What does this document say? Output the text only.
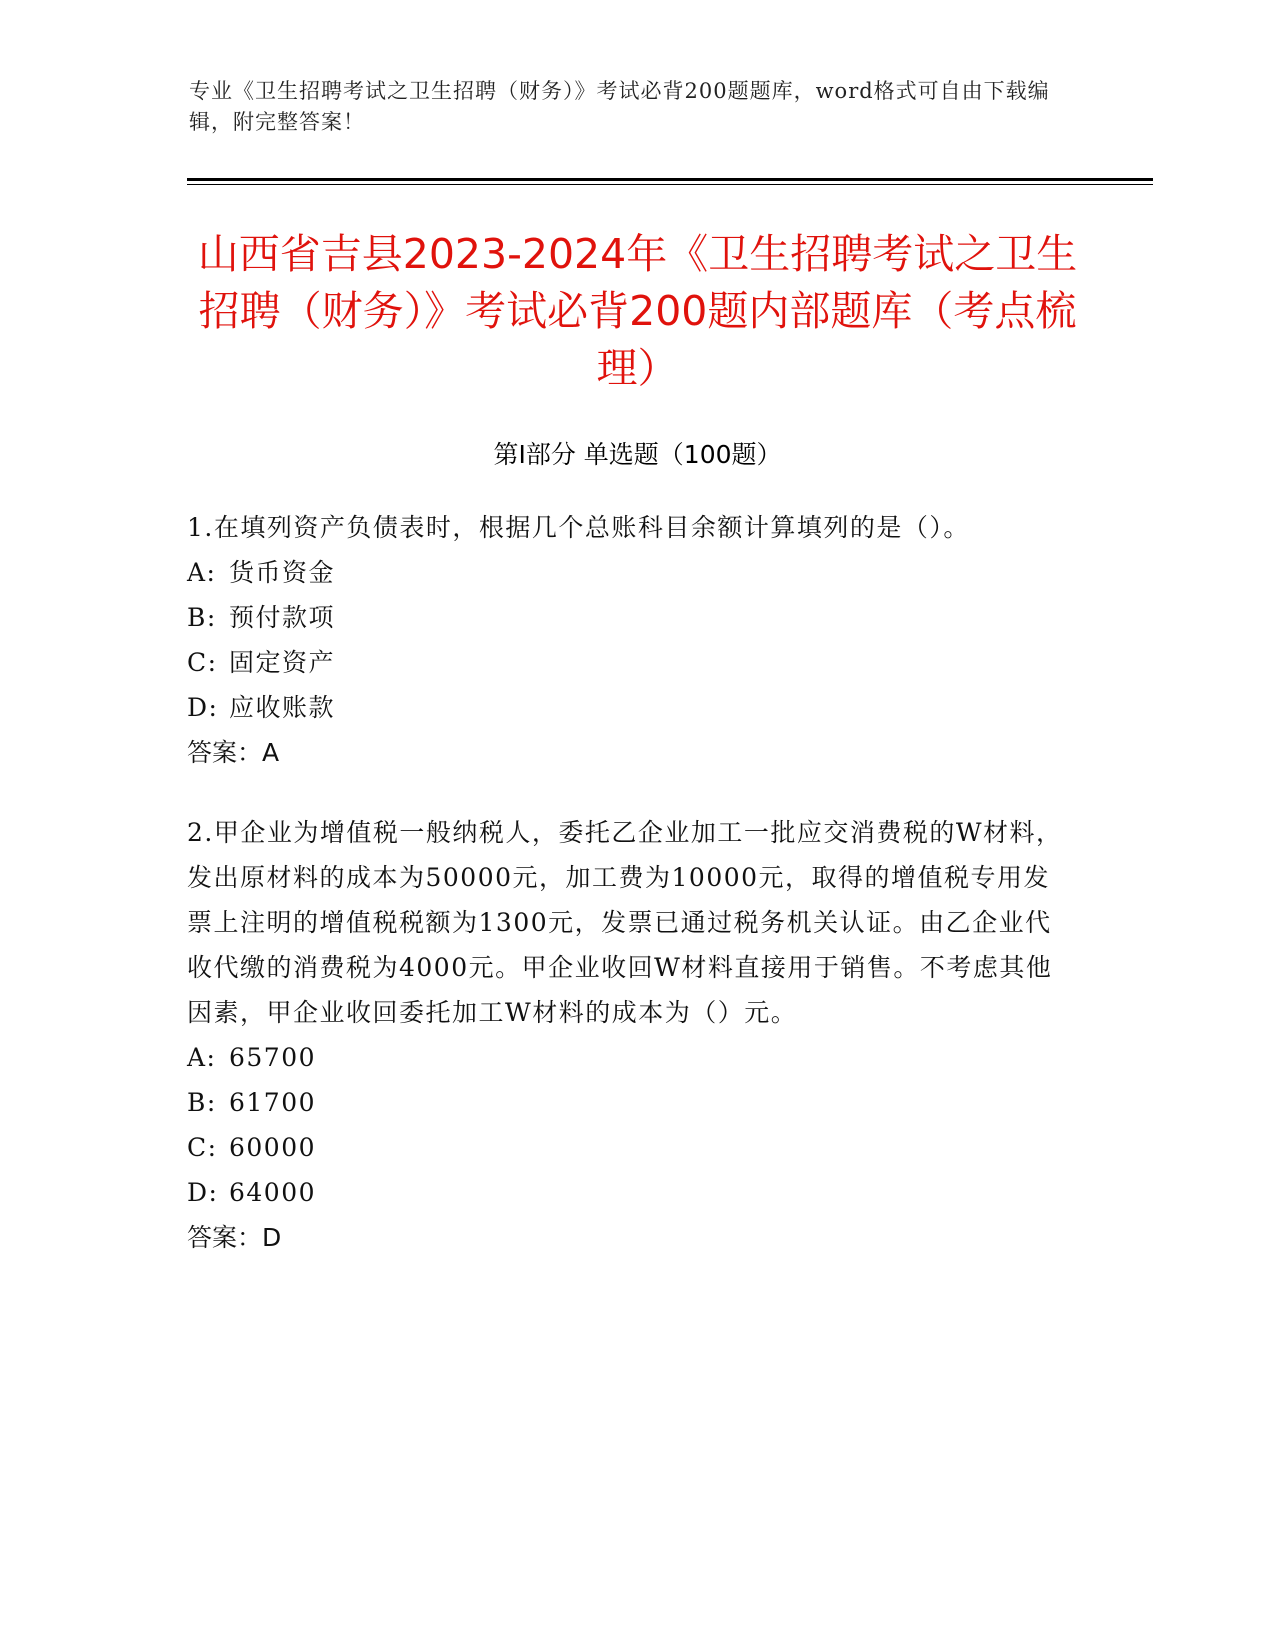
专业《卫生招聘考试之卫生招聘（财务）》考试必背200题题库，word格式可自由下载编辑，附完整答案！
山西省吉县2023-2024年《卫生招聘考试之卫生招聘（财务）》考试必背200题内部题库（考点梳理）
第I部分 单选题（100题）
1.在填列资产负债表时，根据几个总账科目余额计算填列的是（）。
A: 货币资金
B: 预付款项
C: 固定资产
D: 应收账款
答案：A
2.甲企业为增值税一般纳税人，委托乙企业加工一批应交消费税的W材料，发出原材料的成本为50000元，加工费为10000元，取得的增值税专用发票上注明的增值税税额为1300元，发票已通过税务机关认证。由乙企业代收代缴的消费税为4000元。甲企业收回W材料直接用于销售。不考虑其他因素，甲企业收回委托加工W材料的成本为（）元。
A: 65700
B: 61700
C: 60000
D: 64000
答案：D
